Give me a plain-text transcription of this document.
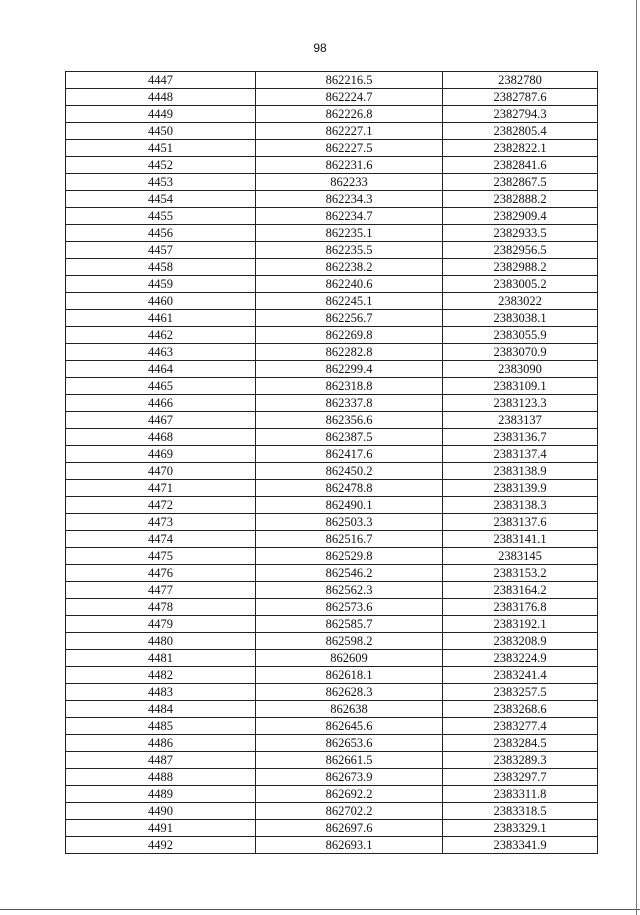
98
4447	862216.5	2382780
4448	862224.7	2382787.6
4449	862226.8	2382794.3
4450	862227.1	2382805.4
4451	862227.5	2382822.1
4452	862231.6	2382841.6
4453	862233	2382867.5
4454	862234.3	2382888.2
4455	862234.7	2382909.4
4456	862235.1	2382933.5
4457	862235.5	2382956.5
4458	862238.2	2382988.2
4459	862240.6	2383005.2
4460	862245.1	2383022
4461	862256.7	2383038.1
4462	862269.8	2383055.9
4463	862282.8	2383070.9
4464	862299.4	2383090
4465	862318.8	2383109.1
4466	862337.8	2383123.3
4467	862356.6	2383137
4468	862387.5	2383136.7
4469	862417.6	2383137.4
4470	862450.2	2383138.9
4471	862478.8	2383139.9
4472	862490.1	2383138.3
4473	862503.3	2383137.6
4474	862516.7	2383141.1
4475	862529.8	2383145
4476	862546.2	2383153.2
4477	862562.3	2383164.2
4478	862573.6	2383176.8
4479	862585.7	2383192.1
4480	862598.2	2383208.9
4481	862609	2383224.9
4482	862618.1	2383241.4
4483	862628.3	2383257.5
4484	862638	2383268.6
4485	862645.6	2383277.4
4486	862653.6	2383284.5
4487	862661.5	2383289.3
4488	862673.9	2383297.7
4489	862692.2	2383311.8
4490	862702.2	2383318.5
4491	862697.6	2383329.1
4492	862693.1	2383341.9
